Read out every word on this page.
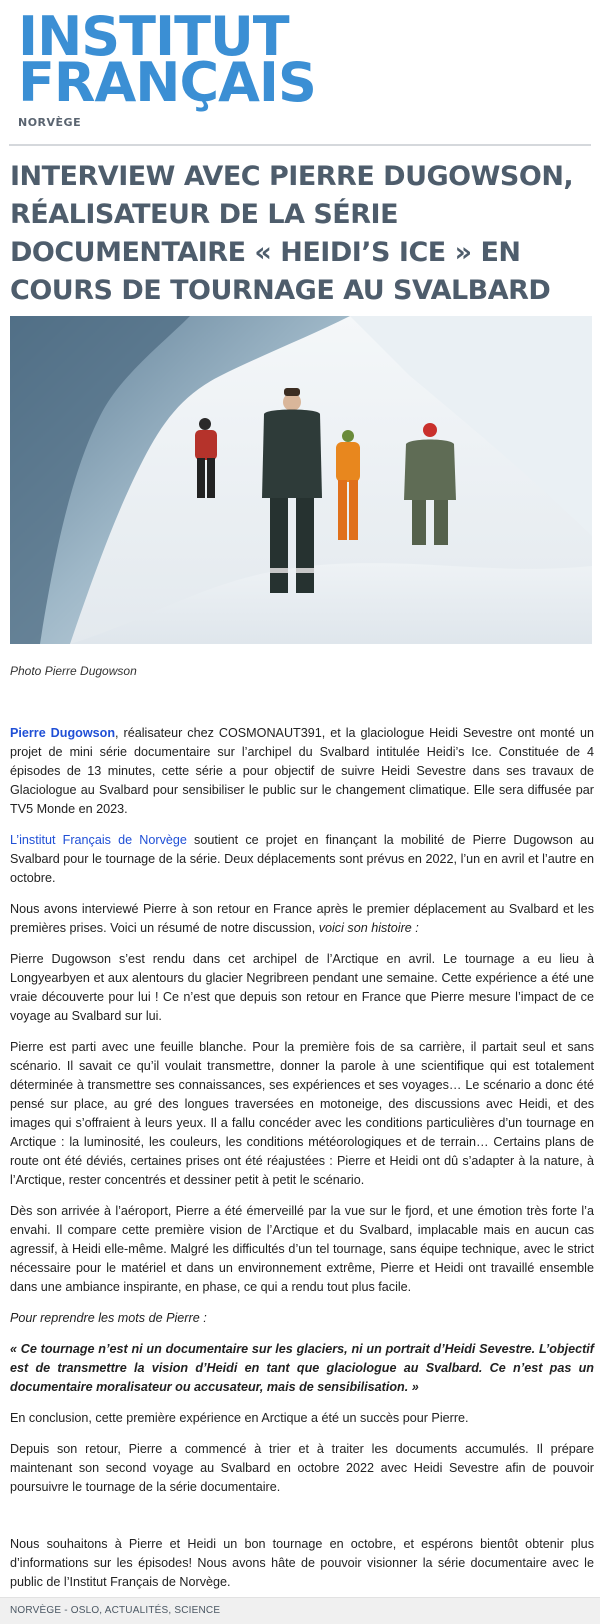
INSTITUT
FRANÇAIS
NORVÈGE
INTERVIEW AVEC PIERRE DUGOWSON, RÉALISATEUR DE LA SÉRIE DOCUMENTAIRE « HEIDI’S ICE » EN COURS DE TOURNAGE AU SVALBARD
Photo Pierre Dugowson

Pierre Dugowson, réalisateur chez COSMONAUT391, et la glaciologue Heidi Sevestre ont monté un projet de mini série documentaire sur l’archipel du Svalbard intitulée Heidi’s Ice. Constituée de 4 épisodes de 13 minutes, cette série a pour objectif de suivre Heidi Sevestre dans ses travaux de Glaciologue au Svalbard pour sensibiliser le public sur le changement climatique. Elle sera diffusée par TV5 Monde en 2023.

L’institut Français de Norvège soutient ce projet en finançant la mobilité de Pierre Dugowson au Svalbard pour le tournage de la série. Deux déplacements sont prévus en 2022, l’un en avril et l’autre en octobre.

Nous avons interviewé Pierre à son retour en France après le premier déplacement au Svalbard et les premières prises. Voici un résumé de notre discussion, voici son histoire :

Pierre Dugowson s’est rendu dans cet archipel de l’Arctique en avril. Le tournage a eu lieu à Longyearbyen et aux alentours du glacier Negribreen pendant une semaine. Cette expérience a été une vraie découverte pour lui ! Ce n’est que depuis son retour en France que Pierre mesure l’impact de ce voyage au Svalbard sur lui.

Pierre est parti avec une feuille blanche. Pour la première fois de sa carrière, il partait seul et sans scénario. Il savait ce qu’il voulait transmettre, donner la parole à une scientifique qui est totalement déterminée à transmettre ses connaissances, ses expériences et ses voyages… Le scénario a donc été pensé sur place, au gré des longues traversées en motoneige, des discussions avec Heidi, et des images qui s’offraient à leurs yeux. Il a fallu concéder avec les conditions particulières d’un tournage en Arctique : la luminosité, les couleurs, les conditions météorologiques et de terrain… Certains plans de route ont été déviés, certaines prises ont été réajustées : Pierre et Heidi ont dû s’adapter à la nature, à l’Arctique, rester concentrés et dessiner petit à petit le scénario.

Dès son arrivée à l’aéroport, Pierre a été émerveillé par la vue sur le fjord, et une émotion très forte l’a envahi. Il compare cette première vision de l’Arctique et du Svalbard, implacable mais en aucun cas agressif, à Heidi elle-même. Malgré les difficultés d’un tel tournage, sans équipe technique, avec le strict nécessaire pour le matériel et dans un environnement extrême, Pierre et Heidi ont travaillé ensemble dans une ambiance inspirante, en phase, ce qui a rendu tout plus facile.

Pour reprendre les mots de Pierre :

« Ce tournage n’est ni un documentaire sur les glaciers, ni un portrait d’Heidi Sevestre. L’objectif est de transmettre la vision d’Heidi en tant que glaciologue au Svalbard. Ce n’est pas un documentaire moralisateur ou accusateur, mais de sensibilisation. »

En conclusion, cette première expérience en Arctique a été un succès pour Pierre.

Depuis son retour, Pierre a commencé à trier et à traiter les documents accumulés. Il prépare maintenant son second voyage au Svalbard en octobre 2022 avec Heidi Sevestre afin de pouvoir poursuivre le tournage de la série documentaire.

Nous souhaitons à Pierre et Heidi un bon tournage en octobre, et espérons bientôt obtenir plus d’informations sur les épisodes! Nous avons hâte de pouvoir visionner la série documentaire avec le public de l’Institut Français de Norvège.

NORVÈGE - OSLO, ACTUALITÉS, SCIENCE
